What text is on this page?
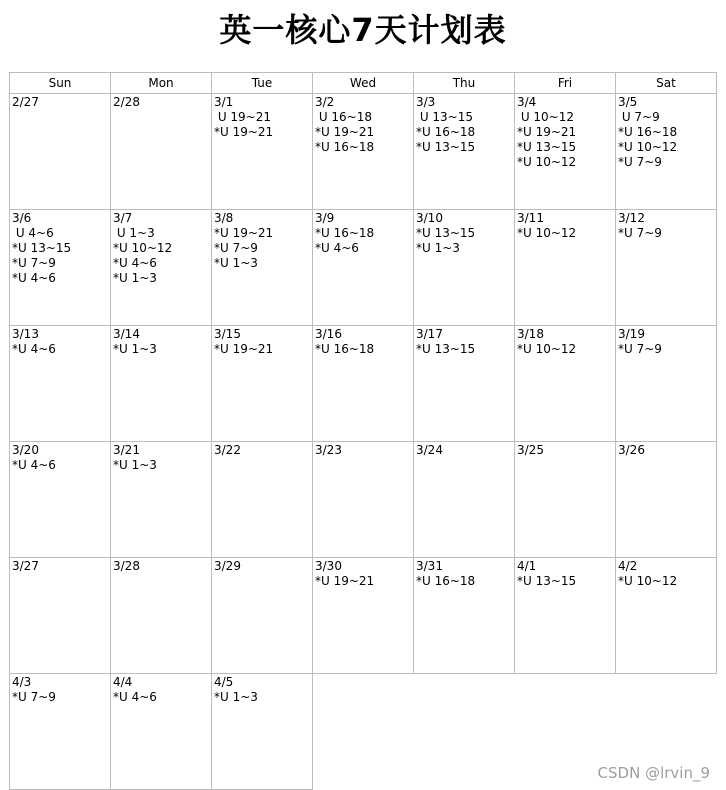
英一核心7天计划表
Sun	Mon	Tue	Wed	Thu	Fri	Sat

2/27	2/28	3/1
U 19~21
*U 19~21	3/2
U 16~18
*U 19~21
*U 16~18	3/3
U 13~15
*U 16~18
*U 13~15	3/4
U 10~12
*U 19~21
*U 13~15
*U 10~12	3/5
U 7~9
*U 16~18
*U 10~12
*U 7~9

3/6
U 4~6
*U 13~15
*U 7~9
*U 4~6	3/7
U 1~3
*U 10~12
*U 4~6
*U 1~3	3/8
*U 19~21
*U 7~9
*U 1~3	3/9
*U 16~18
*U 4~6	3/10
*U 13~15
*U 1~3	3/11
*U 10~12	3/12
*U 7~9

3/13
*U 4~6	3/14
*U 1~3	3/15
*U 19~21	3/16
*U 16~18	3/17
*U 13~15	3/18
*U 10~12	3/19
*U 7~9

3/20
*U 4~6	3/21
*U 1~3	3/22	3/23	3/24	3/25	3/26

3/27	3/28	3/29	3/30
*U 19~21	3/31
*U 16~18	4/1
*U 13~15	4/2
*U 10~12

4/3
*U 7~9	4/4
*U 4~6	4/5
*U 1~3				

CSDN @lrvin_9
